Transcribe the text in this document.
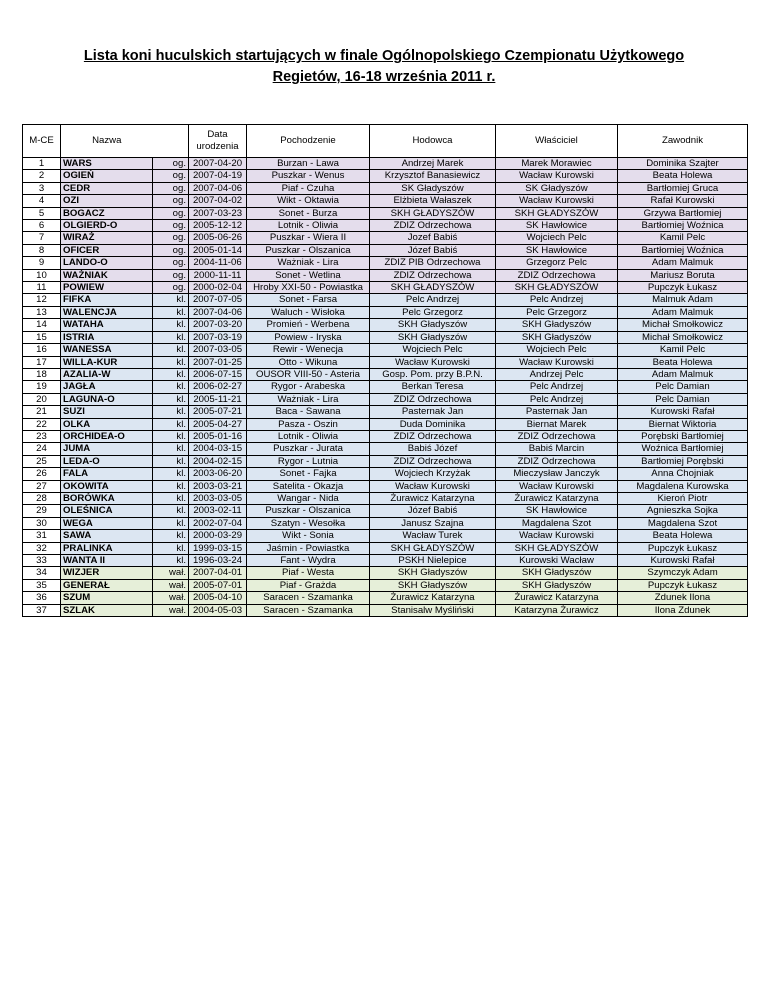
Lista koni huculskich startujących w finale Ogólnopolskiego Czempionatu Użytkowego
Regietów, 16-18 września 2011 r.
M-CE	Nazwa		Data urodzenia	Pochodzenie	Hodowca	Właściciel	Zawodnik
1	WARS	og.	2007-04-20	Burzan - Lawa	Andrzej Marek	Marek Morawiec	Dominika Szajter
2	OGIEŃ	og.	2007-04-19	Puszkar - Wenus	Krzysztof Banasiewicz	Wacław Kurowski	Beata Holewa
3	CEDR	og.	2007-04-06	Piaf - Czuha	SK Gładyszów	SK Gładyszów	Bartłomiej Gruca
4	OZI	og.	2007-04-02	Wikt - Oktawia	Elżbieta Wałaszek	Wacław Kurowski	Rafał Kurowski
5	BOGACZ	og.	2007-03-23	Sonet - Burza	SKH GŁADYSZÓW	SKH GŁADYSZÓW	Grzywa Bartłomiej
6	OLGIERD-O	og.	2005-12-12	Lotnik - Oliwia	ZDIZ Odrzechowa	SK Hawłowice	Bartłomiej Woźnica
7	WIRAŻ	og.	2005-06-26	Puszkar - Wiera II	Jozef Babiś	Wojciech Pelc	Kamil Pelc
8	OFICER	og.	2005-01-14	Puszkar - Olszanica	Józef Babiś	SK Hawłowice	Bartłomiej Woźnica
9	LANDO-O	og.	2004-11-06	Ważniak - Lira	ZDIZ PIB Odrzechowa	Grzegorz Pelc	Adam Malmuk
10	WAŻNIAK	og.	2000-11-11	Sonet - Wetlina	ZDIZ Odrzechowa	ZDIZ Odrzechowa	Mariusz Boruta
11	POWIEW	og.	2000-02-04	Hroby XXI-50 - Powiastka	SKH GŁADYSZÓW	SKH GŁADYSZÓW	Pupczyk Łukasz
12	FIFKA	kl.	2007-07-05	Sonet - Farsa	Pelc Andrzej	Pelc Andrzej	Malmuk Adam
13	WALENCJA	kl.	2007-04-06	Waluch - Wisłoka	Pelc Grzegorz	Pelc Grzegorz	Adam Malmuk
14	WATAHA	kl.	2007-03-20	Promień - Werbena	SKH Gładyszów	SKH Gładyszów	Michał Smołkowicz
15	ISTRIA	kl.	2007-03-19	Powiew - Iryska	SKH Gładyszów	SKH Gładyszów	Michał Smołkowicz
16	WANESSA	kl.	2007-03-05	Rewir - Wenecja	Wojciech Pelc	Wojciech Pelc	Kamil Pelc
17	WILLA-KUR	kl.	2007-01-25	Otto - Wikuna	Wacław Kurowski	Wacław Kurowski	Beata Holewa
18	AZALIA-W	kl.	2006-07-15	OUSOR VIII-50 - Asteria	Gosp. Pom. przy B.P.N.	Andrzej Pelc	Adam Malmuk
19	JAGŁA	kl.	2006-02-27	Rygor - Arabeska	Berkan Teresa	Pelc Andrzej	Pelc Damian
20	LAGUNA-O	kl.	2005-11-21	Ważniak - Lira	ZDIZ Odrzechowa	Pelc Andrzej	Pelc Damian
21	SUZI	kl.	2005-07-21	Baca - Sawana	Pasternak Jan	Pasternak Jan	Kurowski Rafał
22	OLKA	kl.	2005-04-27	Pasza - Oszin	Duda Dominika	Biernat Marek	Biernat Wiktoria
23	ORCHIDEA-O	kl.	2005-01-16	Lotnik - Oliwia	ZDIZ Odrzechowa	ZDIZ Odrzechowa	Porębski Bartłomiej
24	JUMA	kl.	2004-03-15	Puszkar - Jurata	Babiś Józef	Babiś Marcin	Woźnica Bartłomiej
25	LEDA-O	kl.	2004-02-15	Rygor - Lutnia	ZDIZ Odrzechowa	ZDIZ Odrzechowa	Bartłomiej Porębski
26	FALA	kl.	2003-06-20	Sonet - Fajka	Wojciech Krzyżak	Mieczysław Janczyk	Anna Chojniak
27	OKOWITA	kl.	2003-03-21	Satelita - Okazja	Wacław Kurowski	Wacław Kurowski	Magdalena Kurowska
28	BORÓWKA	kl.	2003-03-05	Wangar - Nida	Żurawicz Katarzyna	Żurawicz Katarzyna	Kieroń Piotr
29	OLEŚNICA	kl.	2003-02-11	Puszkar - Olszanica	Józef Babiś	SK Hawłowice	Agnieszka Sojka
30	WEGA	kl.	2002-07-04	Szatyn - Wesołka	Janusz Szajna	Magdalena Szot	Magdalena Szot
31	SAWA	kl.	2000-03-29	Wikt - Sonia	Wacław Turek	Wacław Kurowski	Beata Holewa
32	PRALINKA	kl.	1999-03-15	Jaśmin - Powiastka	SKH GŁADYSZÓW	SKH GŁADYSZÓW	Pupczyk Łukasz
33	WANTA II	kl.	1996-03-24	Fant - Wydra	PSKH Nielepice	Kurowski Wacław	Kurowski Rafał
34	WIZJER	wał.	2007-04-01	Piaf - Westa	SKH Gładyszów	SKH Gładyszów	Szymczyk Adam
35	GENERAŁ	wał.	2005-07-01	Piaf - Grażda	SKH Gładyszów	SKH Gładyszów	Pupczyk Łukasz
36	SZUM	wał.	2005-04-10	Saracen - Szamanka	Żurawicz Katarzyna	Żurawicz Katarzyna	Zdunek Ilona
37	SZLAK	wał.	2004-05-03	Saracen - Szamanka	Stanisalw Myśliński	Katarzyna Żurawicz	Ilona Zdunek
